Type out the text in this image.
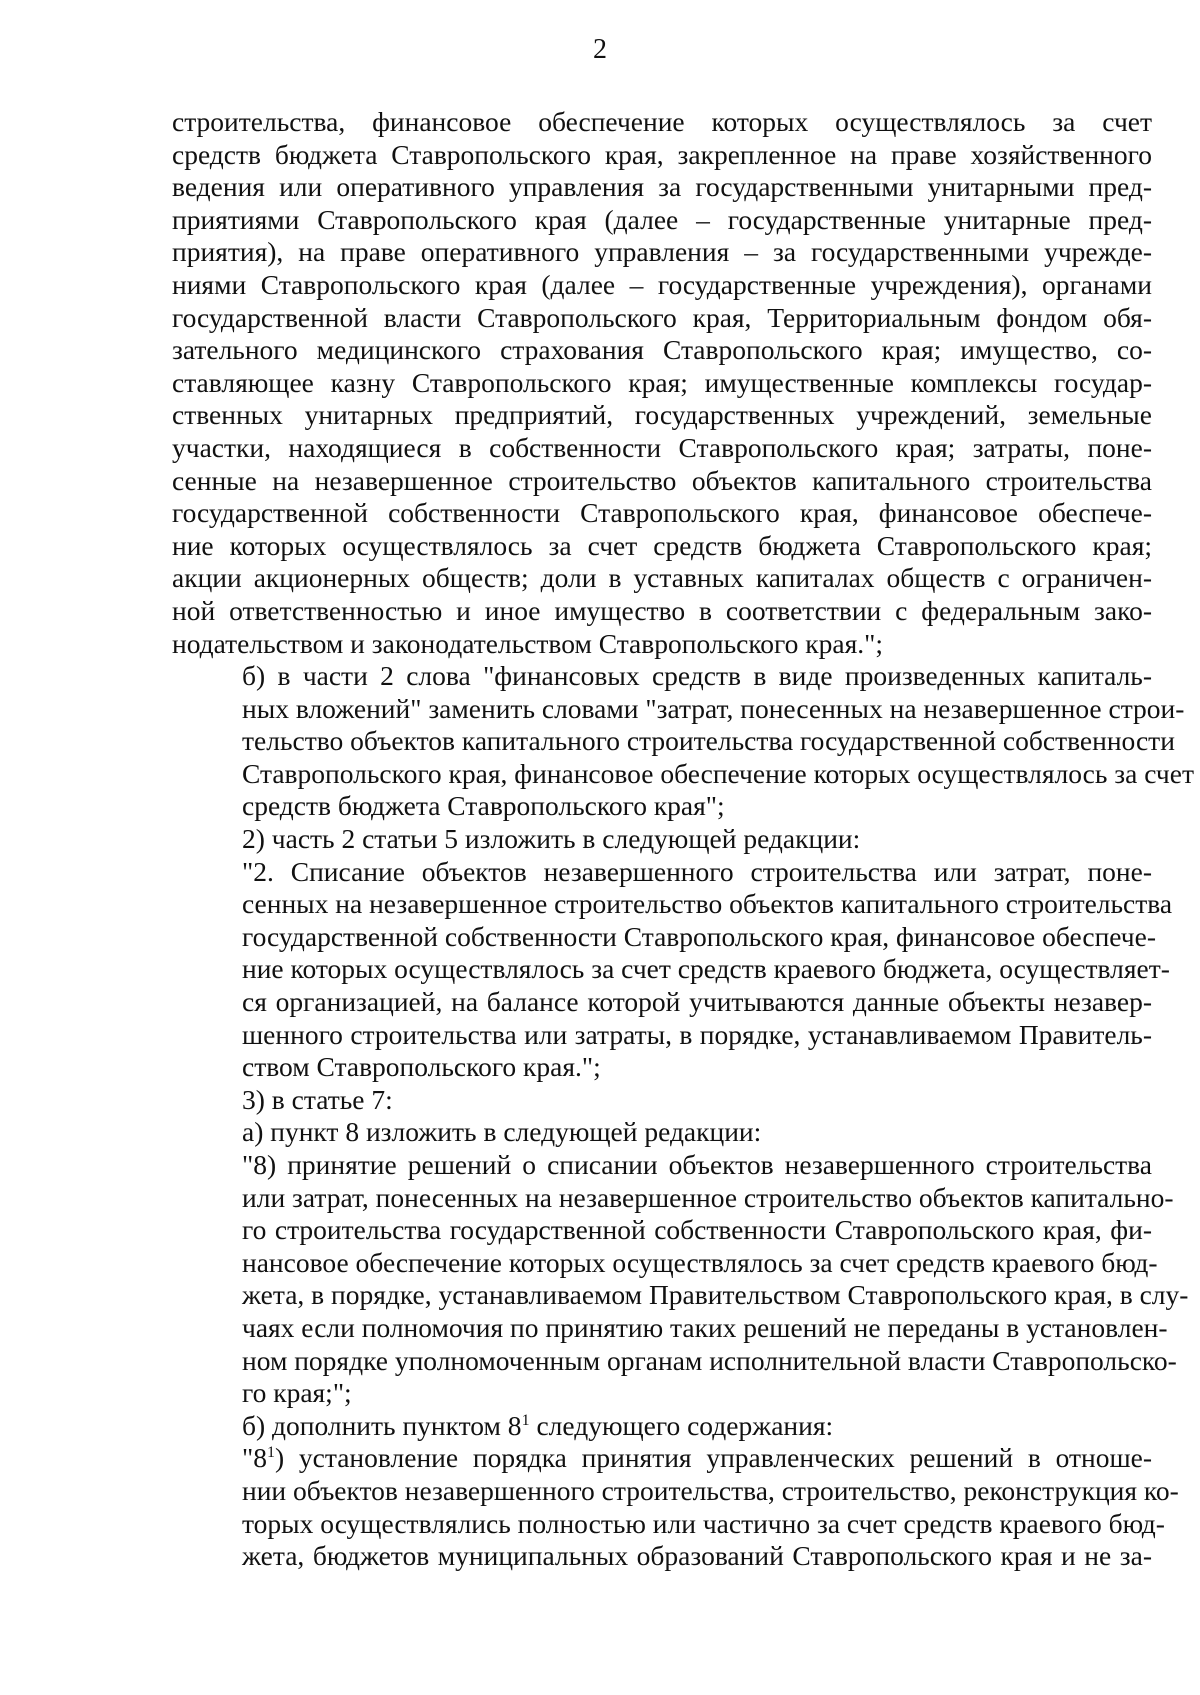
2

строительства, финансовое обеспечение которых осуществлялось за счет
средств бюджета Ставропольского края, закрепленное на праве хозяйственного
ведения или оперативного управления за государственными унитарными пред-
приятиями Ставропольского края (далее – государственные унитарные пред-
приятия), на праве оперативного управления – за государственными учрежде-
ниями Ставропольского края (далее – государственные учреждения), органами
государственной власти Ставропольского края, Территориальным фондом обя-
зательного медицинского страхования Ставропольского края; имущество, со-
ставляющее казну Ставропольского края; имущественные комплексы государ-
ственных унитарных предприятий, государственных учреждений, земельные
участки, находящиеся в собственности Ставропольского края; затраты, поне-
сенные на незавершенное строительство объектов капитального строительства
государственной собственности Ставропольского края, финансовое обеспече-
ние которых осуществлялось за счет средств бюджета Ставропольского края;
акции акционерных обществ; доли в уставных капиталах обществ с ограничен-
ной ответственностью и иное имущество в соответствии с федеральным зако-
нодательством и законодательством Ставропольского края.";

б) в части 2 слова "финансовых средств в виде произведенных капиталь-
ных вложений" заменить словами "затрат, понесенных на незавершенное строи-
тельство объектов капитального строительства государственной собственности
Ставропольского края, финансовое обеспечение которых осуществлялось за счет
средств бюджета Ставропольского края";

2) часть 2 статьи 5 изложить в следующей редакции:

"2. Списание объектов незавершенного строительства или затрат, поне-
сенных на незавершенное строительство объектов капитального строительства
государственной собственности Ставропольского края, финансовое обеспече-
ние которых осуществлялось за счет средств краевого бюджета, осуществляет-
ся организацией, на балансе которой учитываются данные объекты незавер-
шенного строительства или затраты, в порядке, устанавливаемом Правитель-
ством Ставропольского края.";

3) в статье 7:

а) пункт 8 изложить в следующей редакции:

"8) принятие решений о списании объектов незавершенного строительства
или затрат, понесенных на незавершенное строительство объектов капитально-
го строительства государственной собственности Ставропольского края, фи-
нансовое обеспечение которых осуществлялось за счет средств краевого бюд-
жета, в порядке, устанавливаемом Правительством Ставропольского края, в слу-
чаях если полномочия по принятию таких решений не переданы в установлен-
ном порядке уполномоченным органам исполнительной власти Ставропольско-
го края;";

б) дополнить пунктом $8^1$ следующего содержания:

"$8^1$) установление порядка принятия управленческих решений в отноше-
нии объектов незавершенного строительства, строительство, реконструкция ко-
торых осуществлялись полностью или частично за счет средств краевого бюд-
жета, бюджетов муниципальных образований Ставропольского края и не за-
